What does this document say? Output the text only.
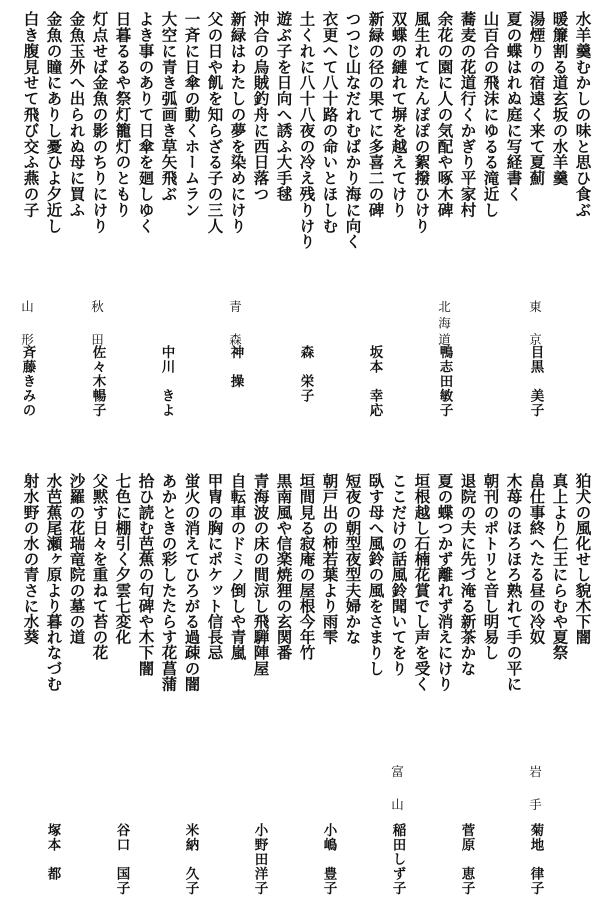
水羊羹むかしの味と思ひ食ぶ
暖簾割る道玄坂の水羊羹
湯煙りの宿遠く来て夏薊
夏の蝶はれぬ庭に写経書く
山百合の飛沫にゆるる滝近し
蕎麦の花道行くかぎり平家村
余花の園に人の気配や啄木碑
風生れてたんぽぽの絮撥ひけり
双蝶の縺れて塀を越えてけり
新緑の径の果てに多喜二の碑
つつじ山なだれむばかり海に向く
衣更へて八十路の命いとほしむ
土くれに八十八夜の冷え残りけり
遊ぶ子を日向へ誘ふ大手毬
沖合の烏賊釣舟に西日落つ
新緑はわたしの夢を染めにけり
父の日や飢を知らざる子の三人
一斉に日傘の動くホームラン
大空に青き弧画き草矢飛ぶ
よき事のありて日傘を廻しゆく
日暮るるや祭灯籠灯のともり
灯点せば金魚の影のちりにけり
金魚玉外へ出られぬ母に買ふ
金魚の瞳にありし憂ひよ夕近し
白き腹見せて飛び交ふ燕の子
東　京
目黒　美子
坂本　幸応
北海道
鴨志田敏子
森　栄子
青　森
神　操
中川　きよ
秋　田
佐々木暢子
山　形
斉藤きみの
狛犬の風化せし貌木下闇
真上より仁王にらむや夏祭
畠仕事終へたる昼の冷奴
木苺のほろほろ熟れて手の平に
朝刊のポトリと音し明易し
退院の夫に先づ淹る新茶かな
夏の蝶つかず離れず消えにけり
垣根越し石楠花賞でし声を受く
ここだけの話風鈴聞いてをり
臥す母へ風鈴の風をさまりし
短夜の朝型夜型夫婦かな
朝戸出の柿若葉より雨雫
垣間見る寂庵の屋根今年竹
黒南風や信楽焼狸の玄関番
青海波の床の間涼し飛騨陣屋
自転車のドミノ倒しや青嵐
甲冑の胸にポケット信長忌
蛍火の消えてひろがる過疎の闇
あかときの彩したたらす花菖蒲
拾ひ読む芭蕉の句碑や木下闇
七色に棚引く夕雲七変化
父黙す日々を重ねて苔の花
沙羅の花瑞竜院の墓の道
水芭蕉尾瀬ヶ原より暮れなづむ
射水野の水の青さに水葵
岩　手
菊地　律子
菅原　恵子
富　山
稲田しず子
小嶋　豊子
小野田洋子
米納　久子
谷口　国子
塚本　都
